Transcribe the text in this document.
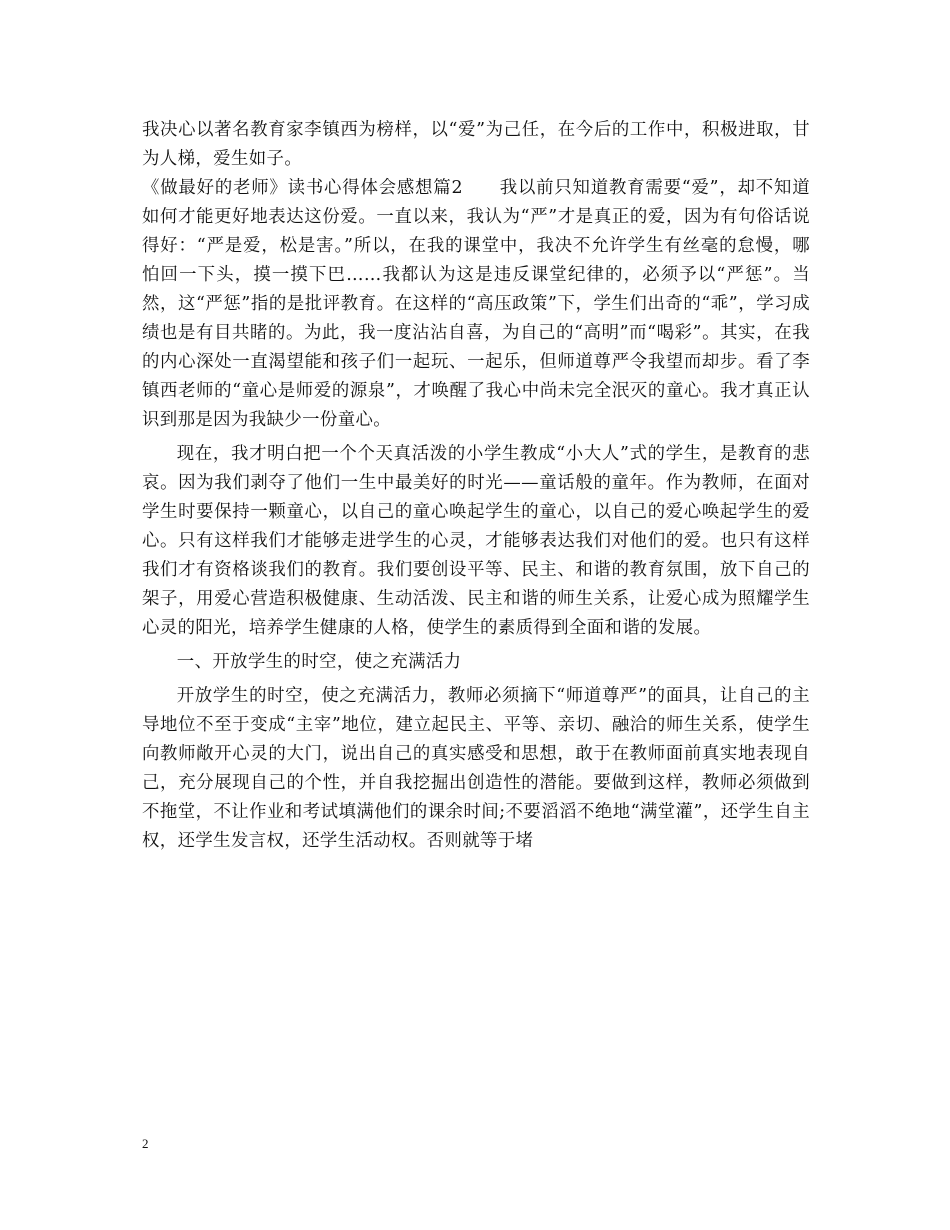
我决心以著名教育家李镇西为榜样，以“爱”为己任，在今后的工作中，积极进取，甘为人梯，爱生如子。

《做最好的老师》读书心得体会感想篇2　　我以前只知道教育需要“爱”，却不知道如何才能更好地表达这份爱。一直以来，我认为“严”才是真正的爱，因为有句俗话说得好：“严是爱，松是害。”所以，在我的课堂中，我决不允许学生有丝毫的怠慢，哪怕回一下头，摸一摸下巴……我都认为这是违反课堂纪律的，必须予以“严惩”。当然，这“严惩”指的是批评教育。在这样的“高压政策”下，学生们出奇的“乖”，学习成绩也是有目共睹的。为此，我一度沾沾自喜，为自己的“高明”而“喝彩”。其实，在我的内心深处一直渴望能和孩子们一起玩、一起乐，但师道尊严令我望而却步。看了李镇西老师的“童心是师爱的源泉”，才唤醒了我心中尚未完全泯灭的童心。我才真正认识到那是因为我缺少一份童心。

现在，我才明白把一个个天真活泼的小学生教成“小大人”式的学生，是教育的悲哀。因为我们剥夺了他们一生中最美好的时光——童话般的童年。作为教师，在面对学生时要保持一颗童心，以自己的童心唤起学生的童心，以自己的爱心唤起学生的爱心。只有这样我们才能够走进学生的心灵，才能够表达我们对他们的爱。也只有这样我们才有资格谈我们的教育。我们要创设平等、民主、和谐的教育氛围，放下自己的架子，用爱心营造积极健康、生动活泼、民主和谐的师生关系，让爱心成为照耀学生心灵的阳光，培养学生健康的人格，使学生的素质得到全面和谐的发展。

一、开放学生的时空，使之充满活力

开放学生的时空，使之充满活力，教师必须摘下“师道尊严”的面具，让自己的主导地位不至于变成“主宰”地位，建立起民主、平等、亲切、融洽的师生关系，使学生向教师敞开心灵的大门，说出自己的真实感受和思想，敢于在教师面前真实地表现自己，充分展现自己的个性，并自我挖掘出创造性的潜能。要做到这样，教师必须做到不拖堂，不让作业和考试填满他们的课余时间;不要滔滔不绝地“满堂灌”，还学生自主权，还学生发言权，还学生活动权。否则就等于堵

2
